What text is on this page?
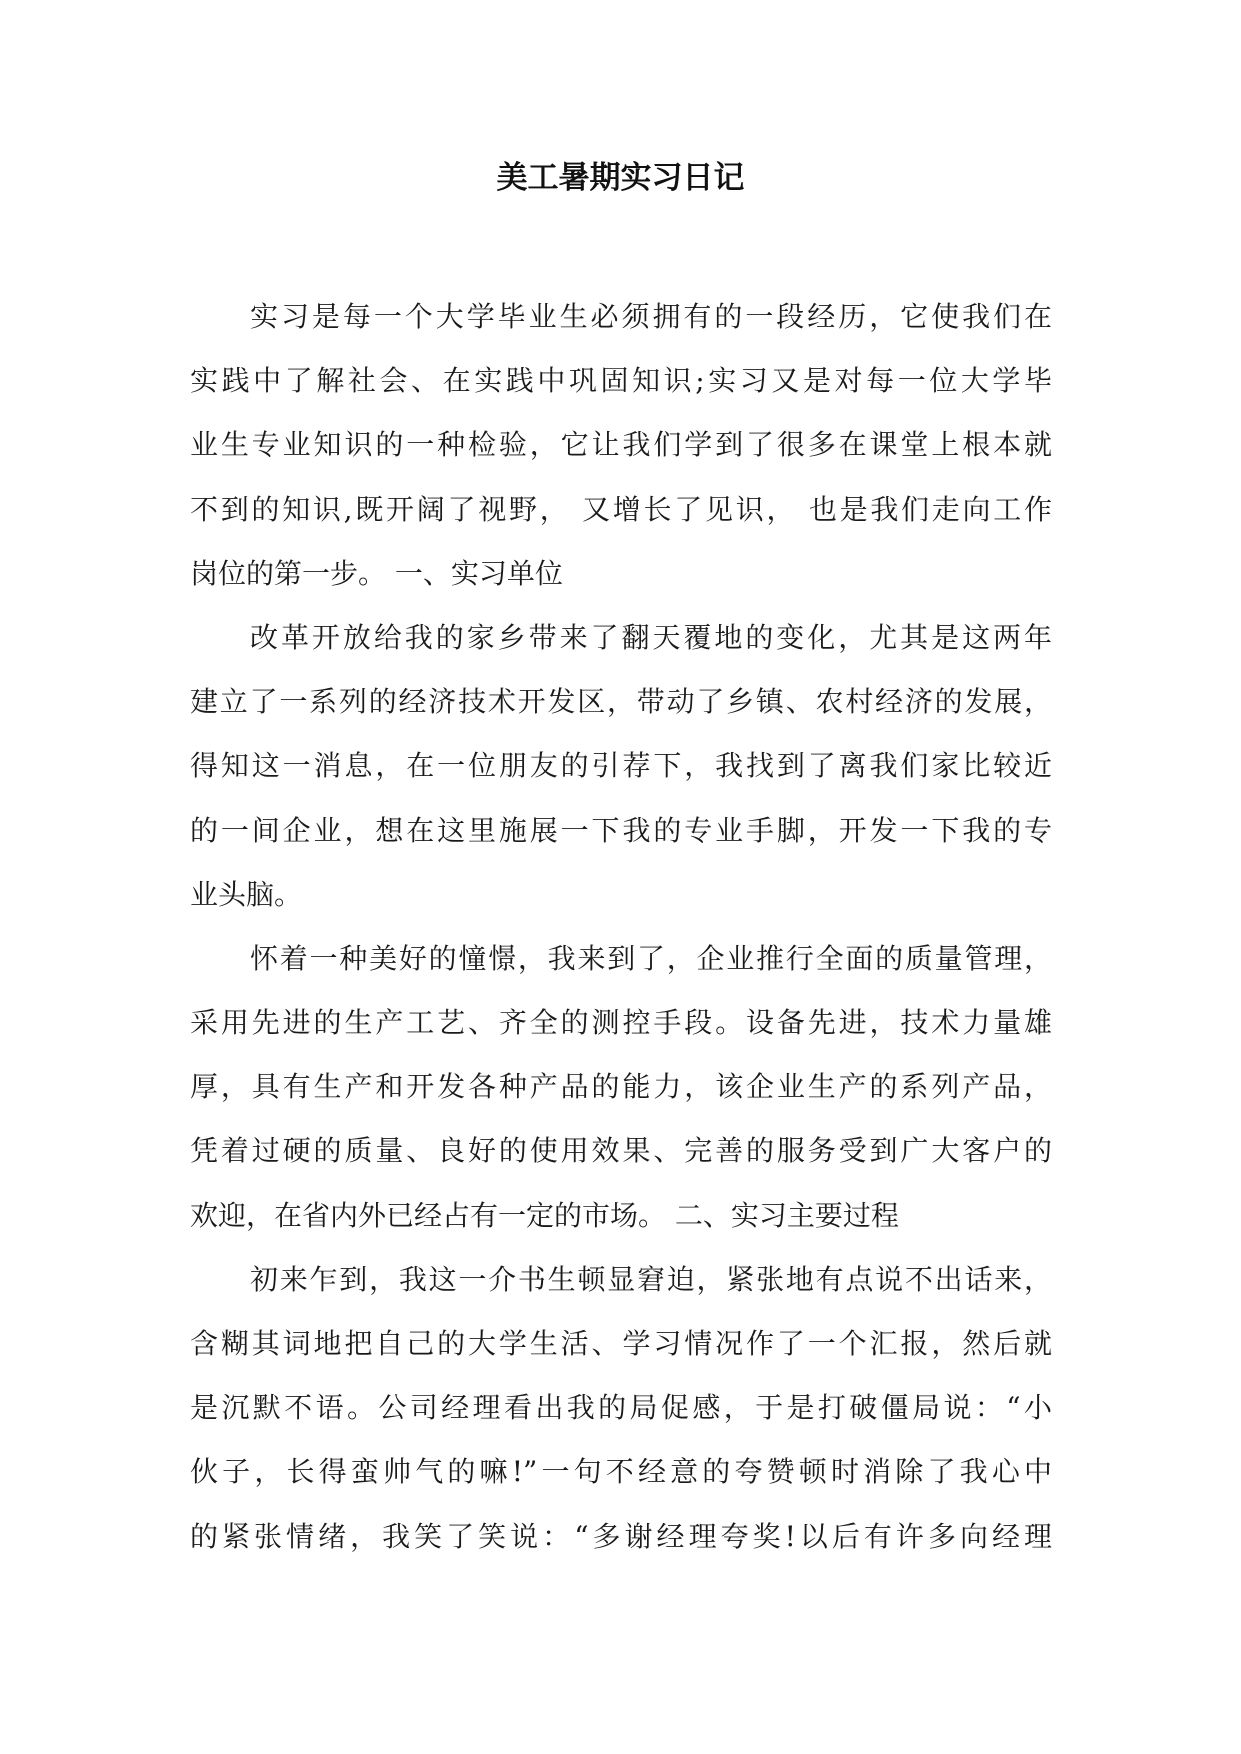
美工暑期实习日记
实习是每一个大学毕业生必须拥有的一段经历，它使我们在
实践中了解社会、在实践中巩固知识;实习又是对每一位大学毕
业生专业知识的一种检验，它让我们学到了很多在课堂上根本就
不到的知识,既开阔了视野， 又增长了见识， 也是我们走向工作
岗位的第一步。 一、实习单位
改革开放给我的家乡带来了翻天覆地的变化，尤其是这两年
建立了一系列的经济技术开发区，带动了乡镇、农村经济的发展，
得知这一消息，在一位朋友的引荐下，我找到了离我们家比较近
的一间企业，想在这里施展一下我的专业手脚，开发一下我的专
业头脑。
怀着一种美好的憧憬，我来到了，企业推行全面的质量管理，
采用先进的生产工艺、齐全的测控手段。设备先进，技术力量雄
厚，具有生产和开发各种产品的能力，该企业生产的系列产品，
凭着过硬的质量、良好的使用效果、完善的服务受到广大客户的
欢迎，在省内外已经占有一定的市场。 二、实习主要过程
初来乍到，我这一介书生顿显窘迫，紧张地有点说不出话来，
含糊其词地把自己的大学生活、学习情况作了一个汇报，然后就
是沉默不语。公司经理看出我的局促感，于是打破僵局说：“小
伙子，长得蛮帅气的嘛!”一句不经意的夸赞顿时消除了我心中
的紧张情绪，我笑了笑说：“多谢经理夸奖!以后有许多向经理
